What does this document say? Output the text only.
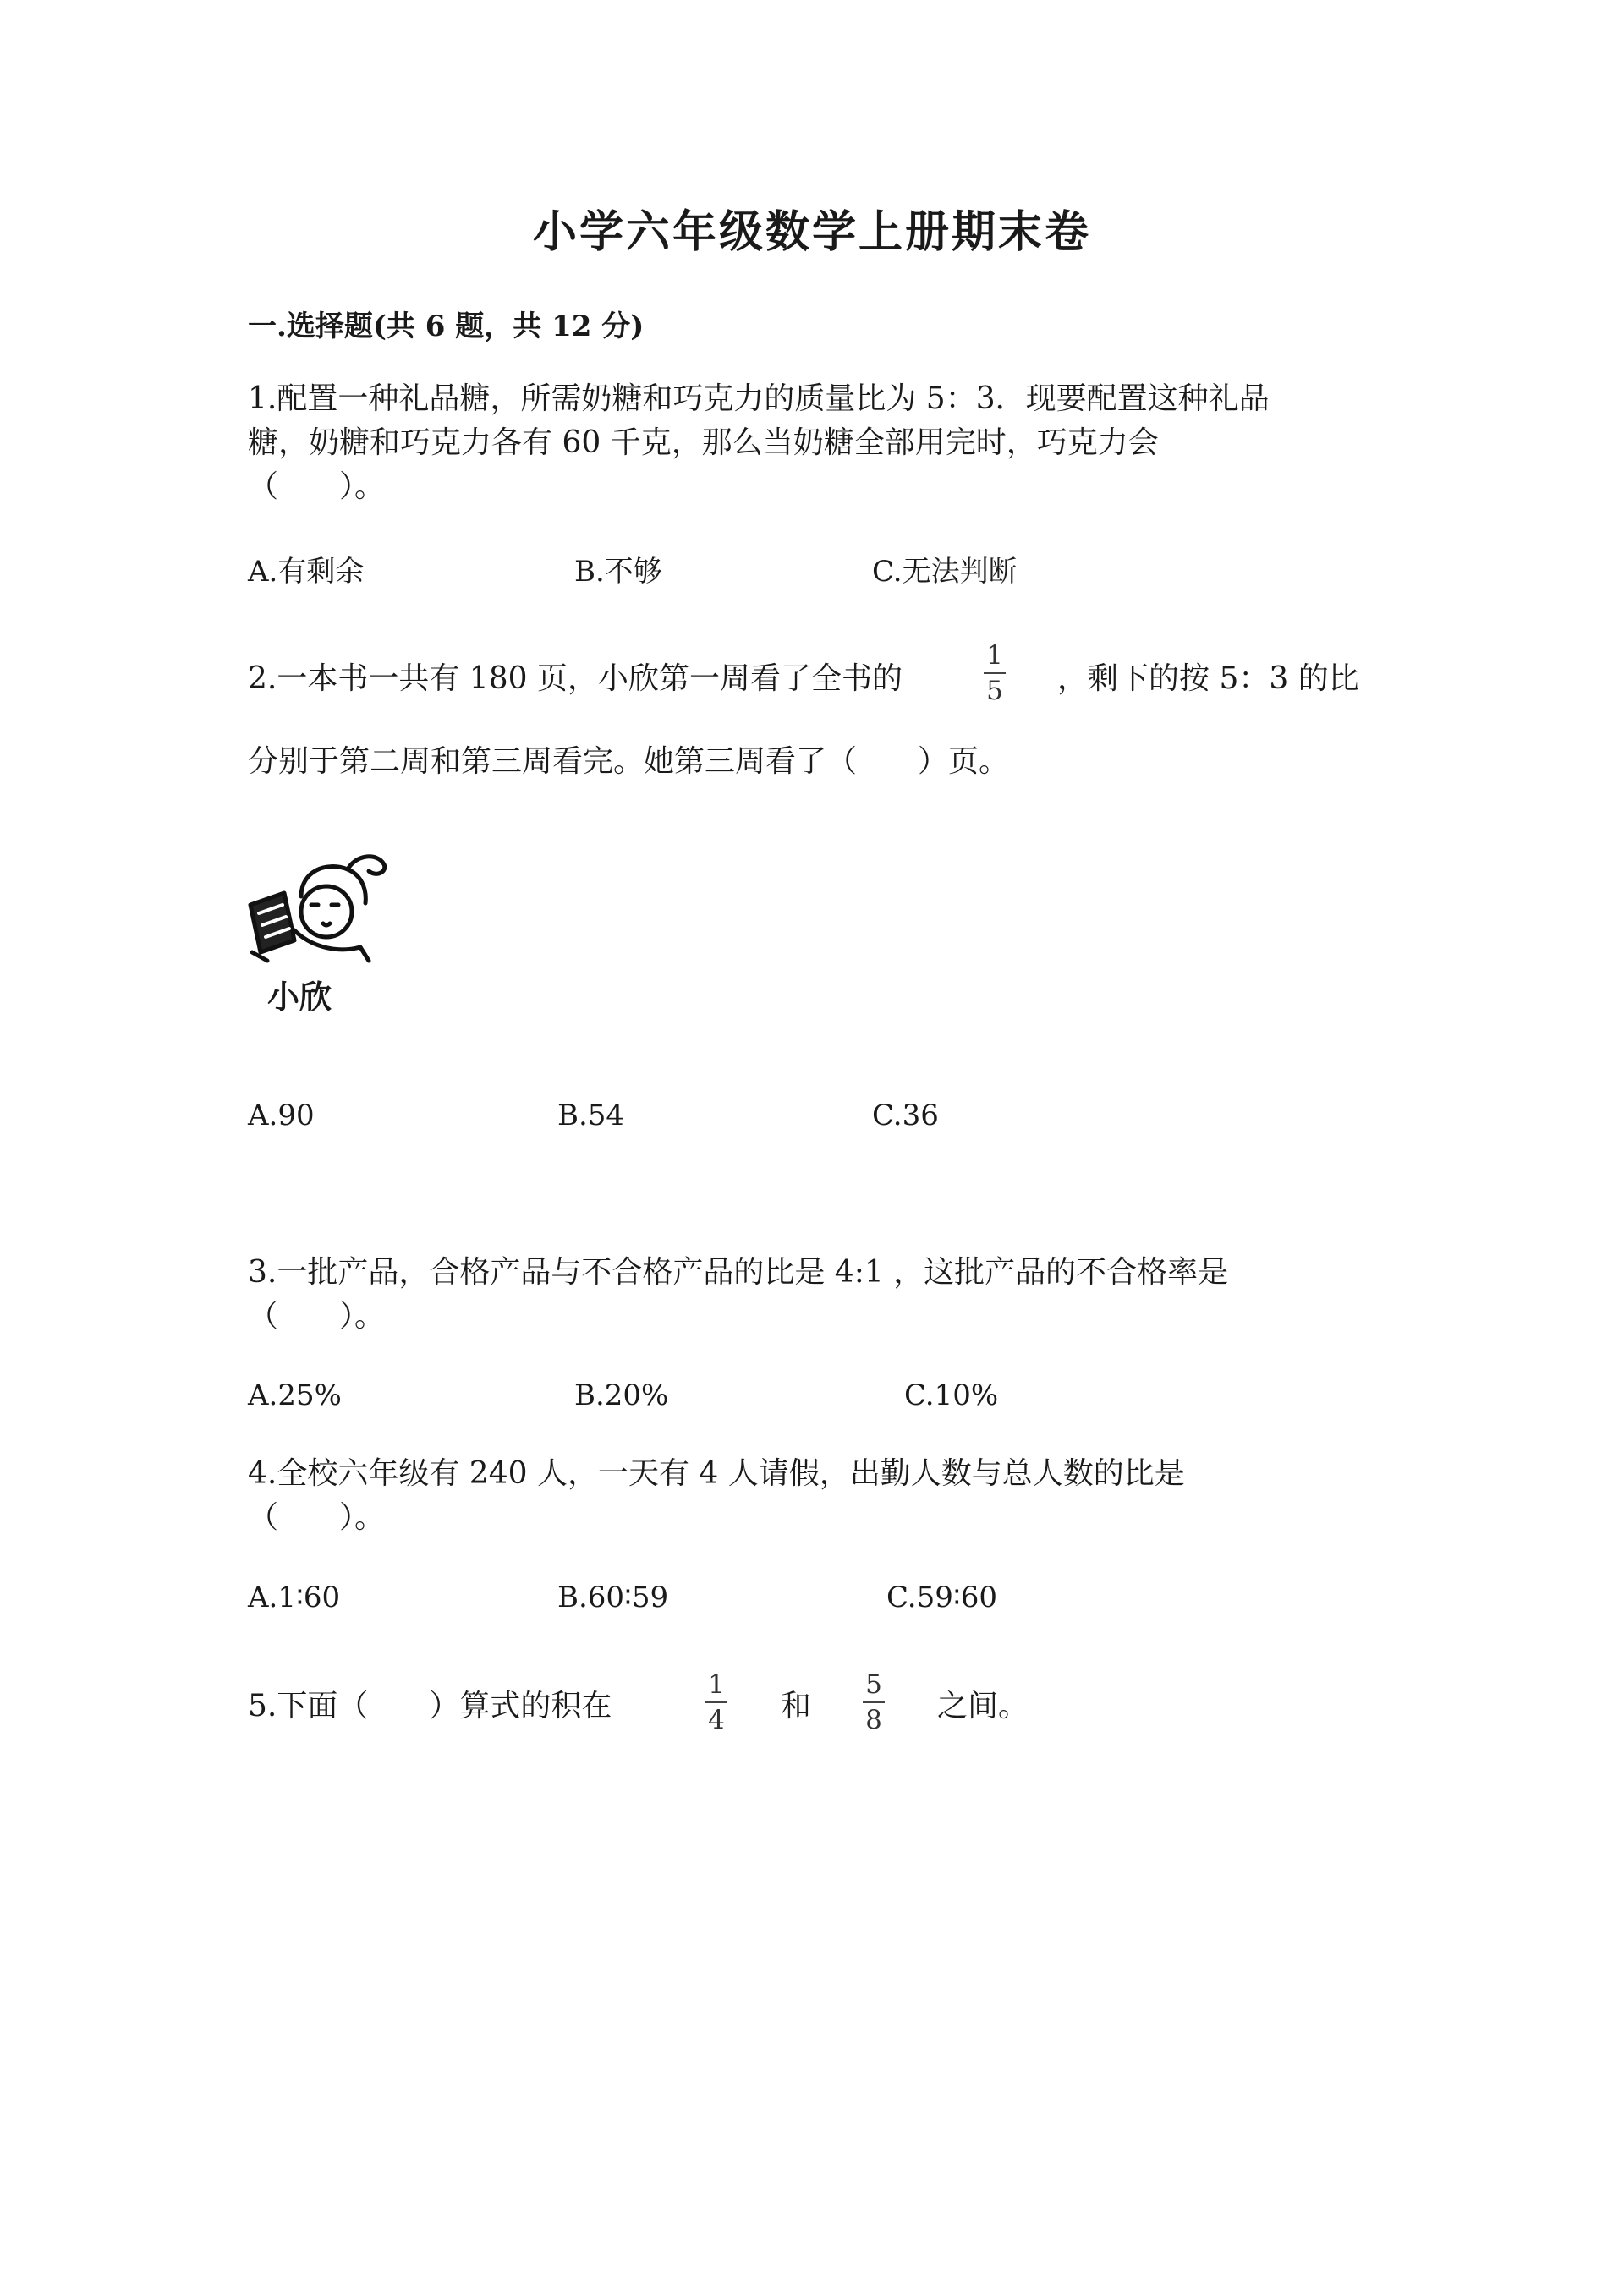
小学六年级数学上册期末卷
一.选择题(共 6 题，共 12 分)
1.配置一种礼品糖，所需奶糖和巧克力的质量比为 5：3．现要配置这种礼品
糖，奶糖和巧克力各有 60 千克，那么当奶糖全部用完时，巧克力会
（　　）。
A.有剩余	B.不够	C.无法判断
2.一本书一共有 180 页，小欣第一周看了全书的	$\frac{1}{5}$ ，剩下的按 5：3 的比
分别于第二周和第三周看完。她第三周看了（　　）页。
小欣
A.90	B.54	C.36
3.一批产品，合格产品与不合格产品的比是 4:1 ，这批产品的不合格率是
（　　）。
A.25%	B.20%	C.10%
4.全校六年级有 240 人，一天有 4 人请假，出勤人数与总人数的比是
（　　）。
A.1∶60	B.60∶59	C.59∶60
5.下面（　　）算式的积在	$\frac{1}{4}$ 和 $\frac{5}{8}$ 之间。
